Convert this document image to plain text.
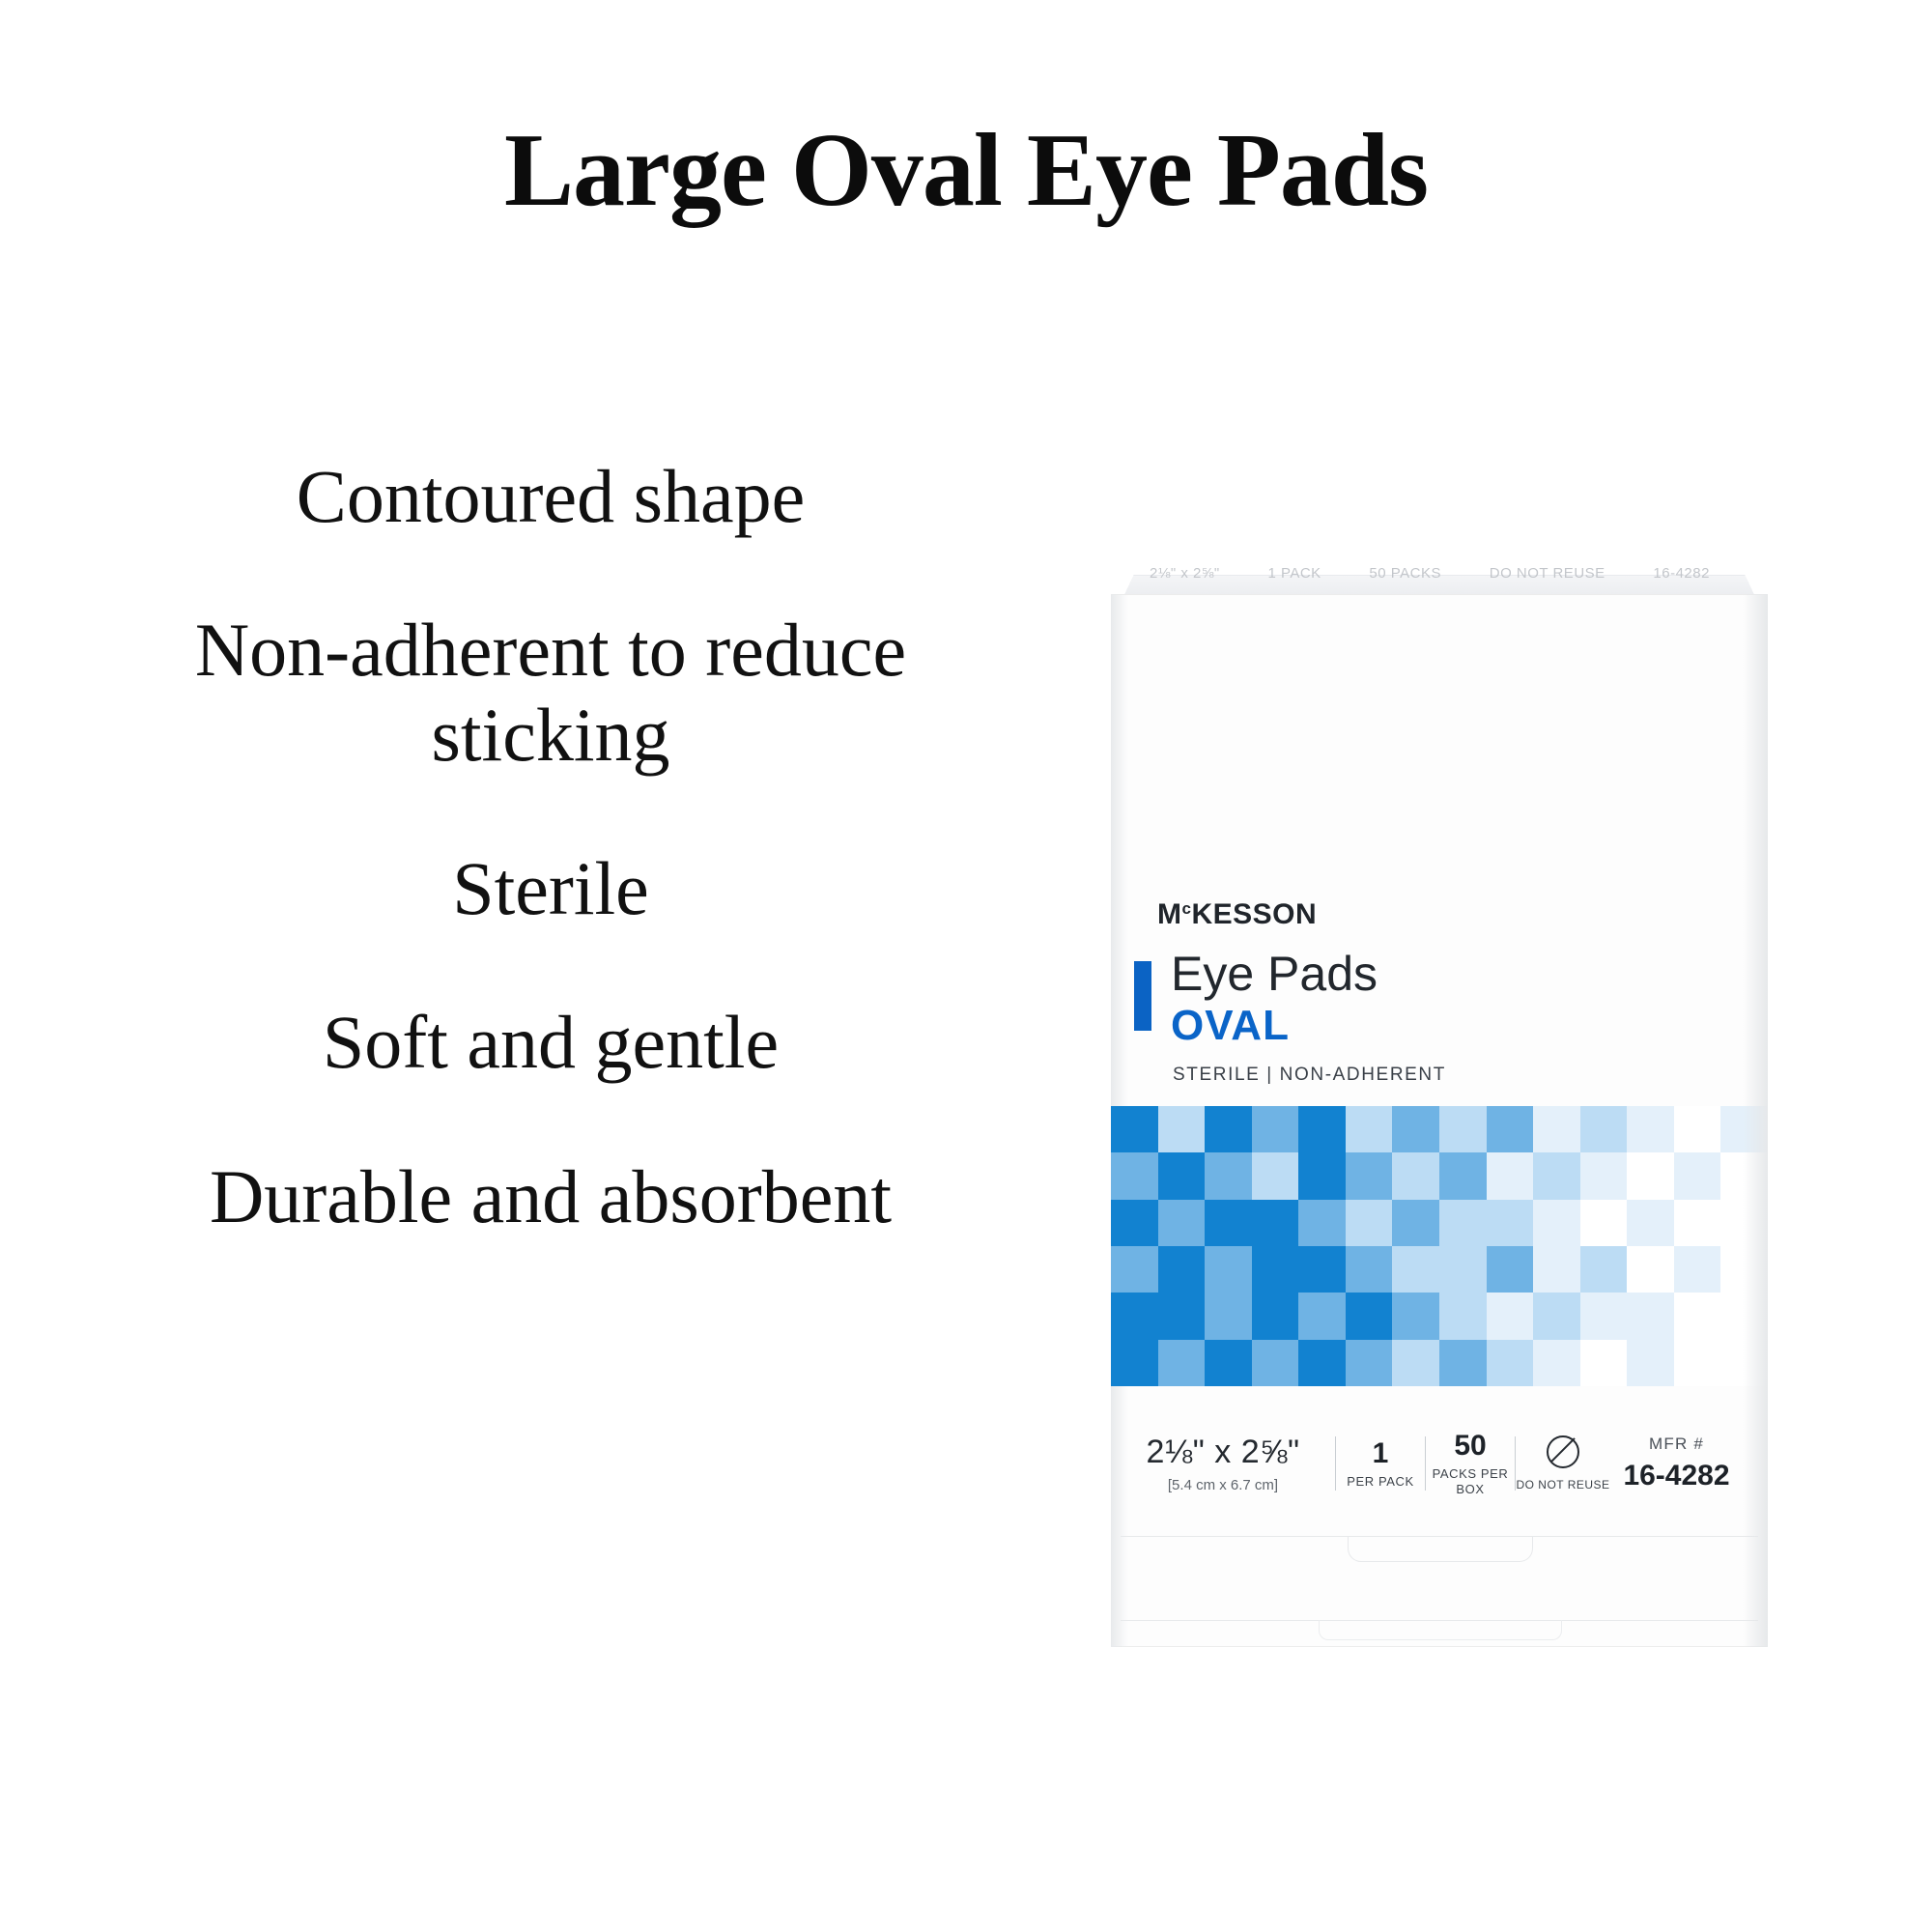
Large Oval Eye Pads
Contoured shape
Non-adherent to reduce sticking
Sterile
Soft and gentle
Durable and absorbent
2⅛" x 2⅝"	1 PACK	50 PACKS	DO NOT REUSE	16-4282
$M^cKESSON$
Eye Pads
OVAL
STERILE | NON-ADHERENT
2⅛" x 2⅝"
[5.4 cm x 6.7 cm]
1
PER PACK
50
PACKS PER BOX	DO NOT REUSE
MFR #
16-4282
